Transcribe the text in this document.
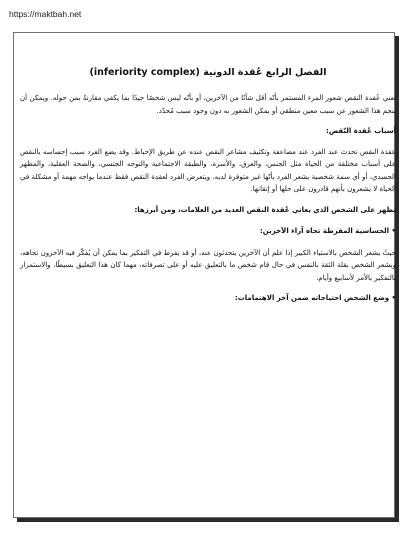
https://maktbah.net
الفصل الرابع عُقدة الدونية (inferiority complex)

تعني عُقدة النقص شعور المرء المستمر بأنّه أقل شأنًا من الآخرين، أو بأنّه ليس شخصًا جيدًا بما يكفي مقارنةً بمن حوله. ويمكن أن ينجم هذا الشعور عن سبب معين منطقي أو يمكن الشعور به دون وجود سبب مُحدّد.

أسباب عُقدة النّقص:

عقدة النقص تحدث عند الفرد عند مضاعفة وتكثيف مشاعر النقص عنده عن طريق الإحباط. وقد يضع الفرد سبب إحساسه بالنقص على أسباب مختلفة من الحياة مثل الجنس، والعرق، والأسرة، والطبقة الاجتماعية والتوجه الجنسي، والصحة العقلية، والمظهر الجسدي، أو أي سمة شخصية يشعر الفرد بأنّها غير متوفرة لديه. ويتعرض الفرد لعقدة النقص فقط عندما يواجه مهمة أو مشكلة في الحياة لا يشعرون بأنهم قادرون على حلها أو إتقانها.

تظهر على الشخص الذي يعاني عُقدة النقص العديد من العلامات، ومن أبرزها:

• الحساسية المفرطة تجاه آراء الآخرين:

حيثُ يشعر الشخص بالاستياء الكبير إذا علم أن الآخرين يتحدثون عنه، أو قد يفرط في التفكير بما يمكن أن يُفكّر فيه الآخرون تجاهه، ويشعر الشخص بقلة الثقة بالنفس في حال قام شخص ما بالتعليق عليه أو على تصرفاته، مهما كان هذا التعليق بسيطًا، والاستمرار بالتفكير بالأمر لأسابيع وأيام.

• وضع الشخص احتياجاته ضمن آخر الاهتمامات:
